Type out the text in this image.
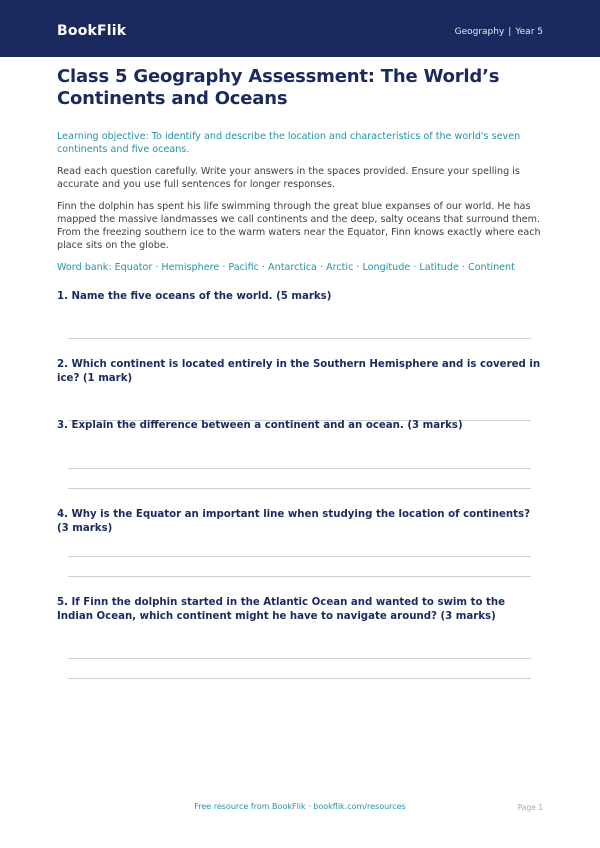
BookFlik	Geography | Year 5
Class 5 Geography Assessment: The World’s Continents and Oceans

Learning objective: To identify and describe the location and characteristics of the world's seven continents and five oceans.

Read each question carefully. Write your answers in the spaces provided. Ensure your spelling is accurate and you use full sentences for longer responses.

Finn the dolphin has spent his life swimming through the great blue expanses of our world. He has mapped the massive landmasses we call continents and the deep, salty oceans that surround them. From the freezing southern ice to the warm waters near the Equator, Finn knows exactly where each place sits on the globe.

Word bank: Equator · Hemisphere · Pacific · Antarctica · Arctic · Longitude · Latitude · Continent

1. Name the five oceans of the world. (5 marks)
2. Which continent is located entirely in the Southern Hemisphere and is covered in ice? (1 mark)
3. Explain the difference between a continent and an ocean. (3 marks)
4. Why is the Equator an important line when studying the location of continents? (3 marks)
5. If Finn the dolphin started in the Atlantic Ocean and wanted to swim to the Indian Ocean, which continent might he have to navigate around? (3 marks)
Free resource from BookFlik · bookflik.com/resources	Page 1
